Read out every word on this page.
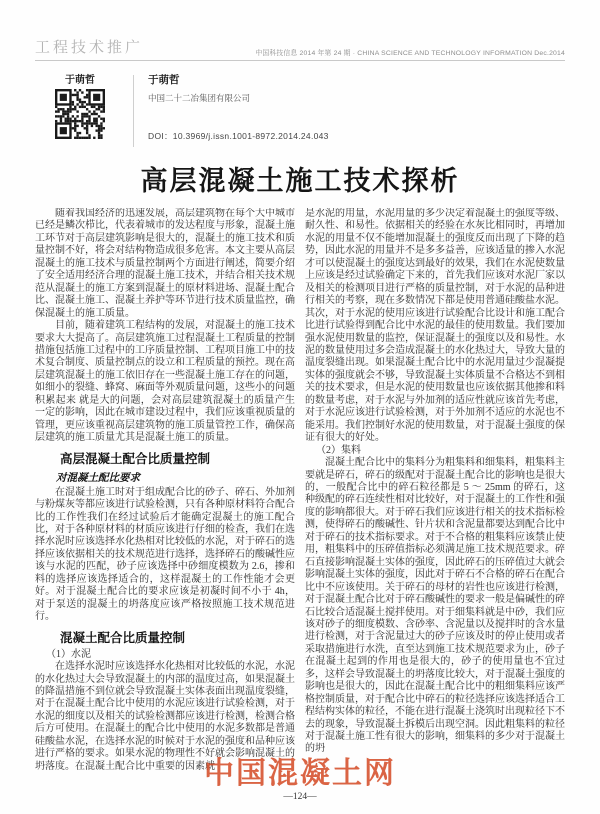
工程技术推广	中国科技信息 2014 年第 24 期 · CHINA SCIENCE AND TECHNOLOGY INFORMATION Dec.2014
于萌哲	于萌哲
中国二十二冶集团有限公司
DOI：10.3969/j.issn.1001-8972.2014.24.043
高层混凝土施工技术探析

随着我国经济的迅速发展，高层建筑物在每个大中城市已经是鳞次栉比，代表着城市的发达程度与形象，混凝土施工环节对于高层建筑影响是很大的，混凝土的施工技术和质量控制不好，将会对结构物造成很多危害。本文主要从高层混凝土的施工技术与质量控制两个方面进行阐述，简要介绍了安全适用经济合理的混凝土施工技术，并结合相关技术规范从混凝土的施工方案到混凝土的原材料进场、混凝土配合比、混凝土施工、混凝土养护等环节进行技术质量监控，确保混凝土的施工质量。

目前，随着建筑工程结构的发展，对混凝土的施工技术要求大大提高了。高层建筑施工过程混凝土工程质量的控制措施包括施工过程中的工序质量控制、工程项目施工中的技术复合制度、质量控制点的设立和工程质量的预控。现在高层建筑混凝土的施工依旧存在一些混凝土施工存在的问题，如细小的裂缝、蜂窝、麻面等外观质量问题，这些小的问题积累起来 就是大的问题，会对高层建筑混凝土的质量产生一定的影响，因此在城市建设过程中，我们应该重视质量的管理，更应该重视高层建筑物的施工质量管控工作，确保高层建筑的施工质量尤其是混凝土施工的质量。

高层混凝土配合比质量控制
对混凝土配比要求

在混凝土施工时对于组成配合比的砂子、碎石、外加剂与粉煤灰等都应该进行试验检测，只有各种原材料符合配合比的工作性我们在经过试验后才能确定混凝土的施工配合比，对于各种原材料的材质应该进行仔细的检查，我们在选择水泥时应该选择水化热相对比较低的水泥，对于碎石的选择应该依据相关的技术规范进行选择，选择碎石的酸碱性应该与水泥的匹配，砂子应该选择中砂细度模数为 2.6，掺和料的选择应该选择适合的，这样混凝土的工作性能才会更好。对于混凝土配合比的要求应该是初凝时间不小于 4h，对于泵送的混凝土的坍落度应该严格按照施工技术规范进行。

混凝土配合比质量控制

（1）水泥

在选择水泥时应该选择水化热相对比较低的水泥，水泥的水化热过大会导致混凝土的内部的温度过高，如果混凝土的降温措施不到位就会导致混凝土实体表面出现温度裂缝，对于在混凝土配合比中使用的水泥应该进行试验检测，对于水泥的细度以及相关的试验检测都应该进行检测，检测合格后方可使用。在混凝土的配合比中使用的水泥多数都是普通硅酸盐水泥，在选择水泥的时候对于水泥的强度和品种应该进行严格的要求。如果水泥的物理性不好就会影响混凝土的坍落度。在混凝土配合比中重要的因素就

是水泥的用量，水泥用量的多少决定着混凝土的强度等级、耐久性、和易性。依据相关的经验在水灰比相同时，再增加水泥的用量不仅不能增加混凝土的强度反而出现了下降的趋势，因此水泥的用量并不是多多益善，应该适量的掺入水泥才可以使混凝土的强度达到最好的效果，我们在水泥使数量上应该是经过试验确定下来的，首先我们应该对水泥厂家以及相关的检测项目进行严格的质量控制，对于水泥的品种进行相关的考察，现在多数情况下都是使用普通硅酸盐水泥。其次，对于水泥的使用应该进行试验配合比设计和施工配合比进行试验得到配合比中水泥的最佳的使用数量。我们要加强水泥使用数量的监控，保证混凝土的强度以及和易性。水泥的数量使用过多会造成混凝土的水化热过大，导致大量的温度裂缝出现。如果混凝土配合比中的水泥用量过少混凝提实体的强度就会不够，导致混凝土实体质量不合格达不到相关的技术要求，但是水泥的使用数量也应该依据其他掺和料的数量考虑，对于水泥与外加剂的适应性就应该首先考虑，对于水泥应该进行试验检测，对于外加剂不适应的水泥也不能采用。我们控制好水泥的使用数量，对于混凝土强度的保证有很大的好处。

（2）集料

混凝土配合比中的集料分为粗集料和细集料，粗集料主要就是碎石，碎石的级配对于混凝土配合比的影响也是很大的，一般配合比中的碎石粒径都是 5 ～ 25mm 的碎石，这种级配的碎石连续性相对比较好，对于混凝土的工作性和强度的影响都很大。对于碎石我们应该进行相关的技术指标检测，使得碎石的酸碱性、针片状和含泥量都要达到配合比中对于碎石的技术指标要求。对于不合格的粗集料应该禁止使用，粗集料中的压碎值指标必须满足施工技术规范要求。碎石直接影响混凝土实体的强度，因此碎石的压碎值过大就会影响混凝土实体的强度，因此对于碎石不合格的碎石在配合比中不应该使用。关于碎石的母材的岩性也应该进行检测，对于混凝土配合比对于碎石酸碱性的要求一般是偏碱性的碎石比较合适混凝土搅拌使用。对于细集料就是中砂，我们应该对砂子的细度模数、含砂率、含泥量以及搅拌时的含水量进行检测，对于含泥量过大的砂子应该及时的停止使用或者采取措施进行水洗，直至达到施工技术规范要求为止，砂子在混凝土起到的作用也是很大的，砂子的使用量也不宜过多，这样会导致混凝土的坍落度比较大，对于混凝土强度的影响也是很大的，因此在混凝土配合比中的粗细集料应该严格控制质量，对于配合比中碎石的粒径选择应该选择适合工程结构实体的粒径，不能在进行混凝土浇筑时出现粒径下不去的现象，导致混凝土拆模后出现空洞。因此粗集料的粒径对于混凝土施工性有很大的影响，细集料的多少对于混凝土的坍

中国混凝土网
—124—
